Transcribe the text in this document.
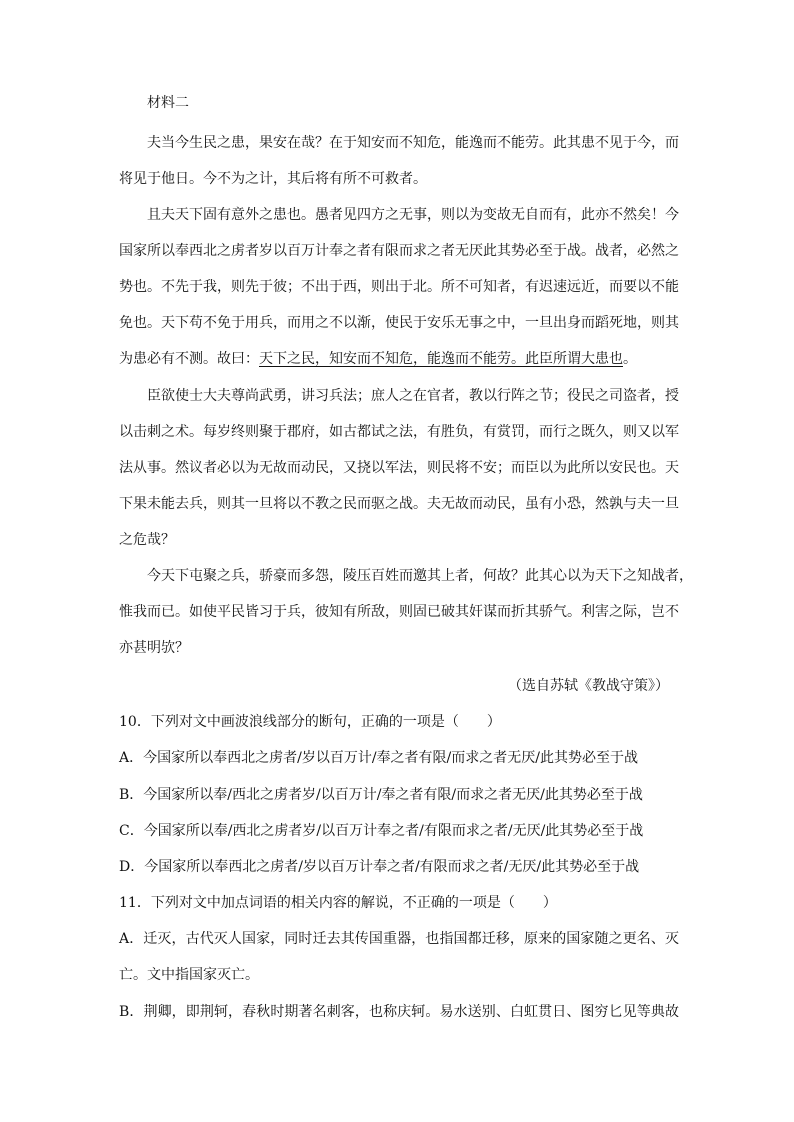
材料二
夫当今生民之患，果安在哉？在于知安而不知危，能逸而不能劳。此其患不见于今，而
将见于他日。今不为之计，其后将有所不可救者。
且夫天下固有意外之患也。愚者见四方之无事，则以为变故无自而有，此亦不然矣！今
国家所以奉西北之虏者岁以百万计奉之者有限而求之者无厌此其势必至于战。战者，必然之
势也。不先于我，则先于彼；不出于西，则出于北。所不可知者，有迟速远近，而要以不能
免也。天下苟不免于用兵，而用之不以渐，使民于安乐无事之中，一旦出身而蹈死地，则其
为患必有不测。故曰：天下之民，知安而不知危，能逸而不能劳。此臣所谓大患也。
臣欲使士大夫尊尚武勇，讲习兵法；庶人之在官者，教以行阵之节；役民之司盗者，授
以击刺之术。每岁终则聚于郡府，如古都试之法，有胜负，有赏罚，而行之既久，则又以军
法从事。然议者必以为无故而动民，又挠以军法，则民将不安；而臣以为此所以安民也。天
下果未能去兵，则其一旦将以不教之民而驱之战。夫无故而动民，虽有小恐，然孰与夫一旦
之危哉？
今天下屯聚之兵，骄豪而多怨，陵压百姓而邀其上者，何故？此其心以为天下之知战者，
惟我而已。如使平民皆习于兵，彼知有所敌，则固已破其奸谋而折其骄气。利害之际，岂不
亦甚明欤？
（选自苏轼《教战守策》）
10．下列对文中画波浪线部分的断句，正确的一项是（　　）
A．今国家所以奉西北之虏者/岁以百万计/奉之者有限/而求之者无厌/此其势必至于战
B．今国家所以奉/西北之虏者岁/以百万计/奉之者有限/而求之者无厌/此其势必至于战
C．今国家所以奉/西北之虏者岁/以百万计奉之者/有限而求之者/无厌/此其势必至于战
D．今国家所以奉西北之虏者/岁以百万计奉之者/有限而求之者/无厌/此其势必至于战
11．下列对文中加点词语的相关内容的解说，不正确的一项是（　　）
A．迁灭，古代灭人国家，同时迁去其传国重器，也指国都迁移，原来的国家随之更名、灭
亡。文中指国家灭亡。
B．荆卿，即荆轲，春秋时期著名刺客，也称庆轲。易水送别、白虹贯日、图穷匕见等典故
